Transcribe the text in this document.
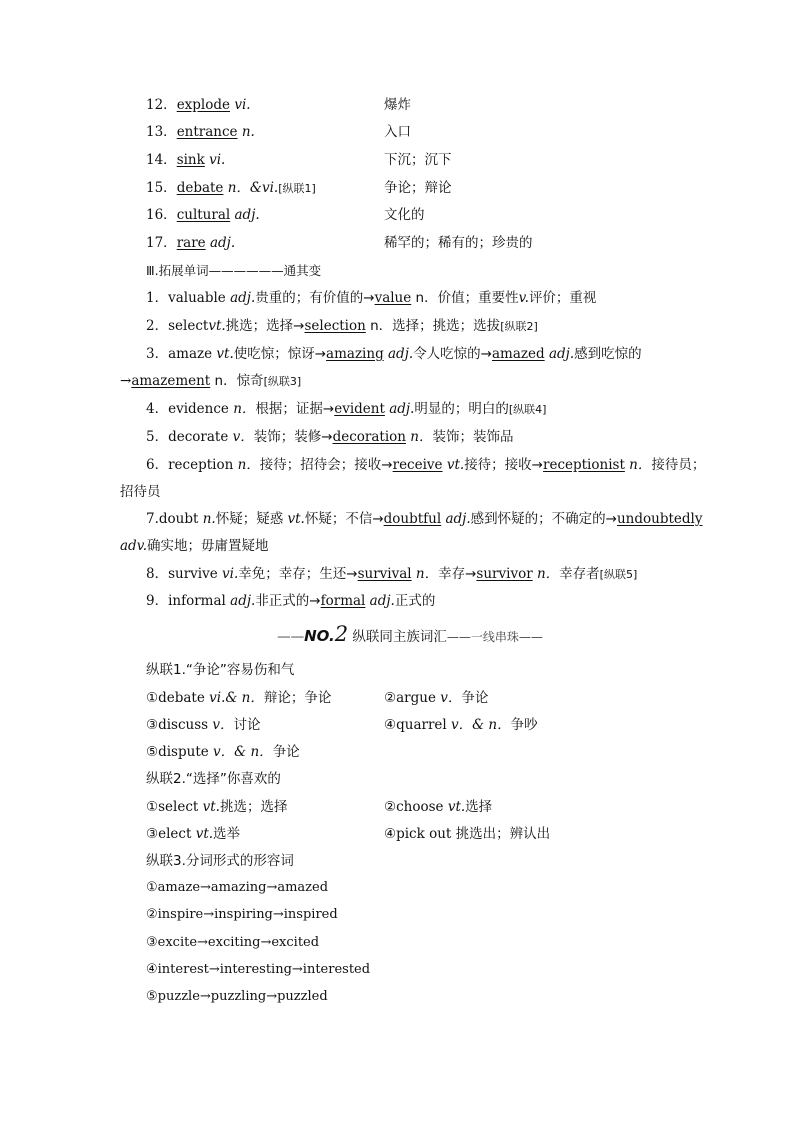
12．explode vi.	爆炸
13．entrance n.	入口
14．sink vi.	下沉；沉下
15．debate n．&vi.[纵联1]	争论；辩论
16．cultural adj.	文化的
17．rare adj.	稀罕的；稀有的；珍贵的
Ⅲ.拓展单词——————通其变
1．valuable adj.贵重的；有价值的→value n．价值；重要性v.评价；重视
2．selectvt.挑选；选择→selection n．选择；挑选；选拔[纵联2]
3．amaze vt.使吃惊；惊讶→amazing adj.令人吃惊的→amazed adj.感到吃惊的
→amazement n．惊奇[纵联3]
4．evidence n．根据；证据→evident adj.明显的；明白的[纵联4]
5．decorate v．装饰；装修→decoration n．装饰；装饰品
6．reception n．接待；招待会；接收→receive vt.接待；接收→receptionist n．接待员；
招待员
7.doubt n.怀疑；疑惑 vt.怀疑；不信→doubtful adj.感到怀疑的；不确定的→undoubtedly
adv.确实地；毋庸置疑地
8．survive vi.幸免；幸存；生还→survival n．幸存→survivor n．幸存者[纵联5]
9．informal adj.非正式的→formal adj.正式的
——NO.2 纵联同主族词汇——一线串珠——
纵联1.“争论”容易伤和气
①debate vi.& n．辩论；争论	②argue v．争论
③discuss v．讨论	④quarrel v．& n．争吵
⑤dispute v．& n．争论
纵联2.“选择”你喜欢的
①select vt.挑选；选择	②choose vt.选择
③elect vt.选举	④pick out 挑选出；辨认出
纵联3.分词形式的形容词
①amaze→amazing→amazed
②inspire→inspiring→inspired
③excite→exciting→excited
④interest→interesting→interested
⑤puzzle→puzzling→puzzled
